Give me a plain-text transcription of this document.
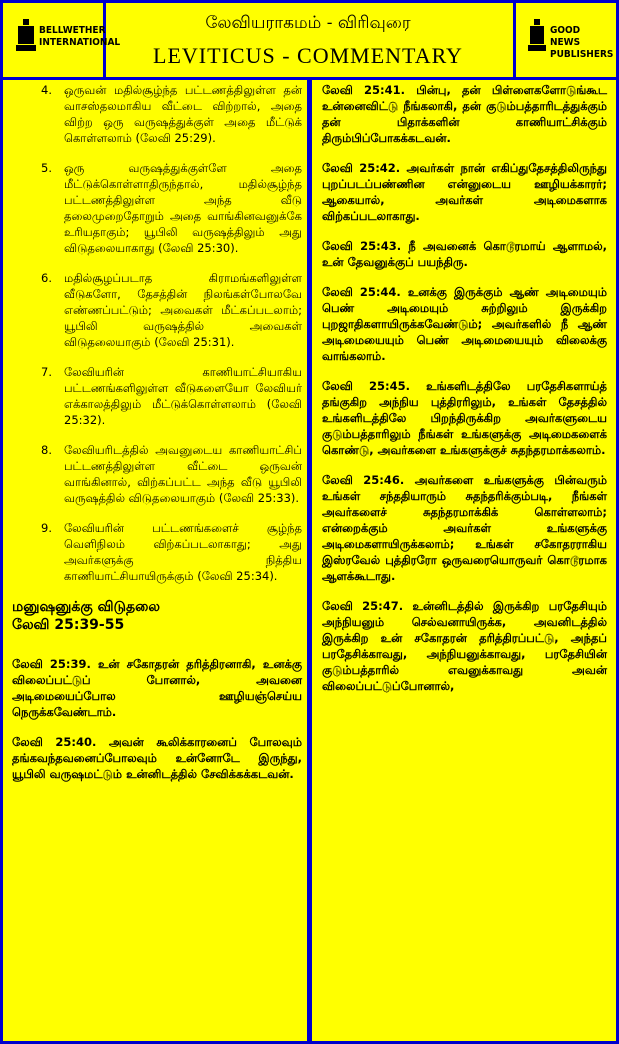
BELLWETHER INTERNATIONAL
லேவியராகமம் - விரிவுரை
LEVITICUS - COMMENTARY
GOOD NEWS PUBLISHERS
4.	ஒருவன் மதில்சூழ்ந்த பட்டணத்திலுள்ள தன் வாசஸ்தலமாகிய வீட்டை விற்றால், அதை விற்ற ஒரு வருஷத்துக்குள் அதை மீட்டுக் கொள்ளலாம் (லேவி 25:29).
5.	ஒரு வருஷத்துக்குள்ளே அதை மீட்டுக்கொள்ளாதிருந்தால், மதில்சூழ்ந்த பட்டணத்திலுள்ள அந்த வீடு தலைமுறைதோறும் அதை வாங்கினவனுக்கே உரியதாகும்; யூபிலி வருஷத்திலும் அது விடுதலையாகாது (லேவி 25:30).
6.	மதில்சூழப்படாத கிராமங்களிலுள்ள வீடுகளோ, தேசத்தின் நிலங்கள்போலவே எண்ணப்பட்டும்; அவைகள் மீட்கப்படலாம்; யூபிலி வருஷத்தில் அவைகள் விடுதலையாகும் (லேவி 25:31).
7.	லேவியரின் காணியாட்சியாகிய பட்டணங்களிலுள்ள வீடுகளையோ லேவியர் எக்காலத்திலும் மீட்டுக்கொள்ளலாம் (லேவி 25:32).
8.	லேவியரிடத்தில் அவனுடைய காணியாட்சிப் பட்டணத்திலுள்ள வீட்டை ஒருவன் வாங்கினால், விற்கப்பட்ட அந்த வீடு யூபிலி வருஷத்தில் விடுதலையாகும் (லேவி 25:33).
9.	லேவியரின் பட்டணங்களைச் சூழ்ந்த வெளிநிலம் விற்கப்படலாகாது; அது அவர்களுக்கு நித்திய காணியாட்சியாயிருக்கும் (லேவி 25:34).
மனுஷனுக்கு விடுதலை
லேவி 25:39-55
லேவி 25:39. உன் சகோதரன் தரித்திரனாகி, உனக்கு விலைப்பட்டுப் போனால், அவனை அடிமையைப்போல ஊழியஞ்செய்ய நெருக்கவேண்டாம்.
லேவி 25:40. அவன் கூலிக்காரனைப் போலவும் தங்கவந்தவனைப்போலவும் உன்னோடே இருந்து, யூபிலி வருஷமட்டும் உன்னிடத்தில் சேவிக்கக்கடவன்.
லேவி 25:41. பின்பு, தன் பிள்ளைகளோடுங்கூட உன்னைவிட்டு நீங்கலாகி, தன் குடும்பத்தாரிடத்துக்கும் தன் பிதாக்களின் காணியாட்சிக்கும் திரும்பிப்போகக்கடவன்.
லேவி 25:42. அவர்கள் நான் எகிப்துதேசத்திலிருந்து புறப்படப்பண்ணின என்னுடைய ஊழியக்காரர்; ஆகையால், அவர்கள் அடிமைகளாக விற்கப்படலாகாது.
லேவி 25:43. நீ அவனைக் கொடூரமாய் ஆளாமல், உன் தேவனுக்குப் பயந்திரு.
லேவி 25:44. உனக்கு இருக்கும் ஆண் அடிமையும் பெண் அடிமையும் சுற்றிலும் இருக்கிற புறஜாதிகளாயிருக்கவேண்டும்; அவர்களில் நீ ஆண் அடிமையையும் பெண் அடிமையையும் விலைக்கு வாங்கலாம்.
லேவி 25:45. உங்களிடத்திலே பரதேசிகளாய்த் தங்குகிற அந்நிய புத்திரரிலும், உங்கள் தேசத்தில் உங்களிடத்திலே பிறந்திருக்கிற அவர்களுடைய குடும்பத்தாரிலும் நீங்கள் உங்களுக்கு அடிமைகளைக் கொண்டு, அவர்களை உங்களுக்குச் சுதந்தரமாக்கலாம்.
லேவி 25:46. அவர்களை உங்களுக்கு பின்வரும் உங்கள் சந்ததியாரும் சுதந்தரிக்கும்படி, நீங்கள் அவர்களைச் சுதந்தரமாக்கிக் கொள்ளலாம்; என்றைக்கும் அவர்கள் உங்களுக்கு அடிமைகளாயிருக்கலாம்; உங்கள் சகோதரராகிய இஸ்ரவேல் புத்திரரோ ஒருவரையொருவர் கொடூரமாக ஆளக்கூடாது.
லேவி 25:47. உன்னிடத்தில் இருக்கிற பரதேசியும் அந்நியனும் செல்வனாயிருக்க, அவனிடத்தில் இருக்கிற உன் சகோதரன் தரித்திரப்பட்டு, அந்தப் பரதேசிக்காவது, அந்நியனுக்காவது, பரதேசியின் குடும்பத்தாரில் எவனுக்காவது அவன் விலைப்பட்டுப்போனால்,
